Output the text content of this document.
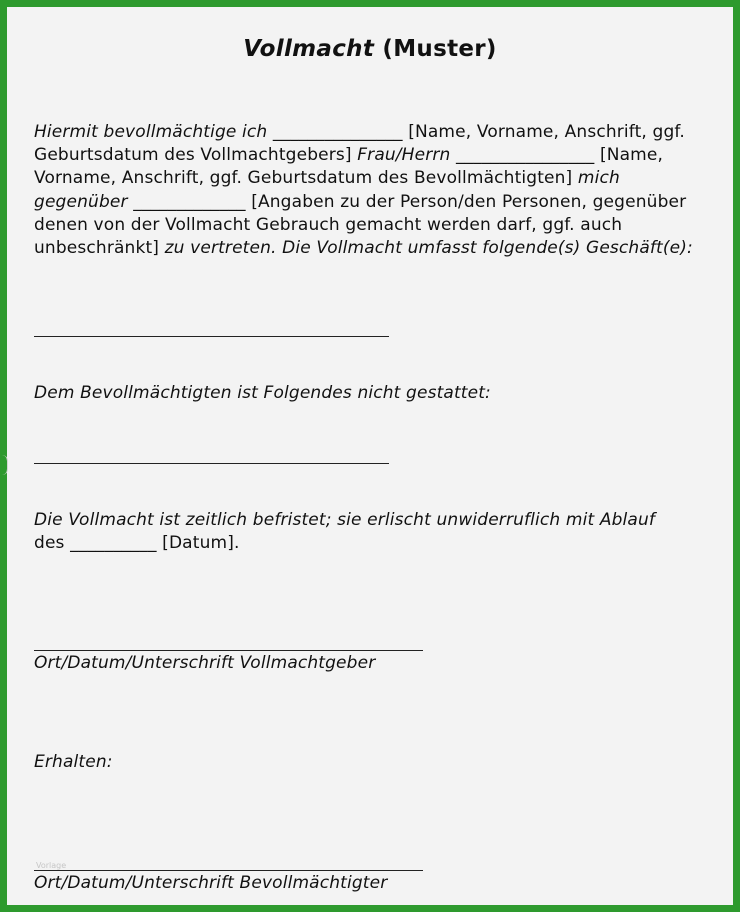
Vollmacht (Muster)
Hiermit bevollmächtige ich _______________ [Name, Vorname, Anschrift, ggf. Geburtsdatum des Vollmachtgebers] Frau/Herrn ________________ [Name, Vorname, Anschrift, ggf. Geburtsdatum des Bevollmächtigten] mich gegenüber _____________ [Angaben zu der Person/den Personen, gegenüber denen von der Vollmacht Gebrauch gemacht werden darf, ggf. auch unbeschränkt] zu vertreten. Die Vollmacht umfasst folgende(s) Geschäft(e):
Dem Bevollmächtigten ist Folgendes nicht gestattet:
Die Vollmacht ist zeitlich befristet; sie erlischt unwiderruflich mit Ablauf
des __________ [Datum].
Ort/Datum/Unterschrift Vollmachtgeber
Erhalten:
Vorlage
Ort/Datum/Unterschrift Bevollmächtigter
